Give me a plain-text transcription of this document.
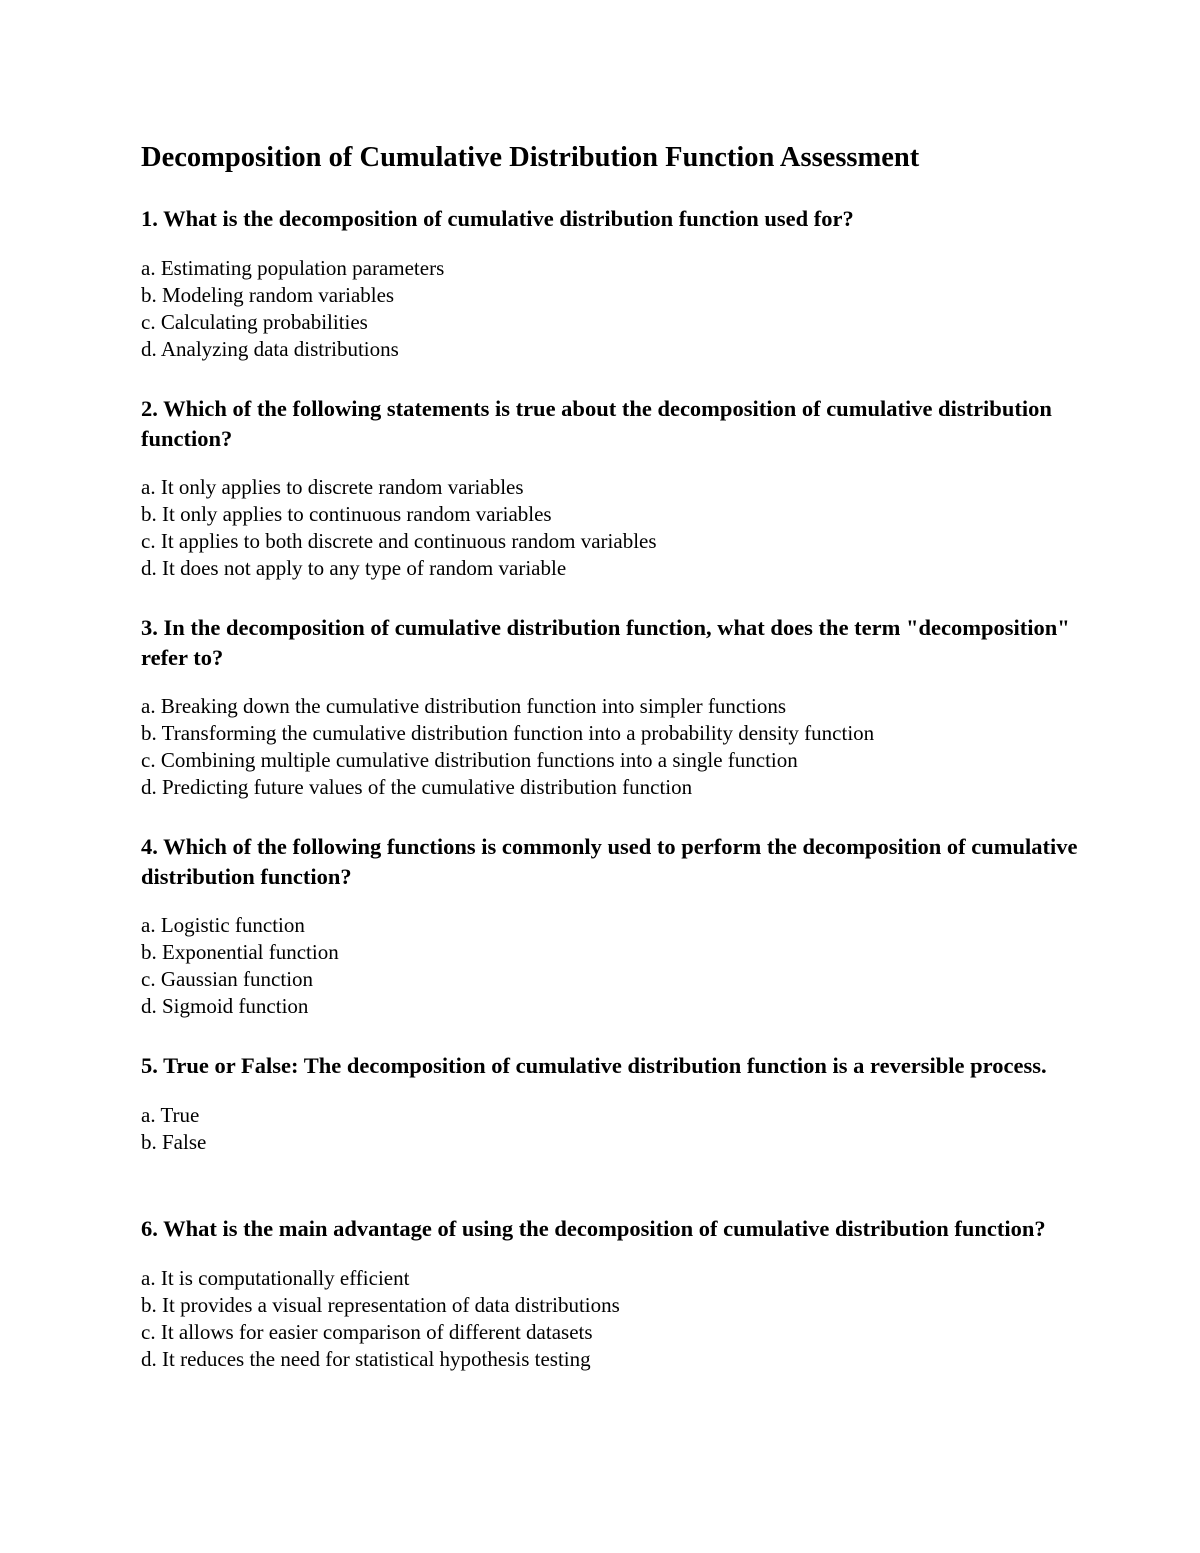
Decomposition of Cumulative Distribution Function Assessment

1. What is the decomposition of cumulative distribution function used for?

a. Estimating population parameters
b. Modeling random variables
c. Calculating probabilities
d. Analyzing data distributions

2. Which of the following statements is true about the decomposition of cumulative distribution function?

a. It only applies to discrete random variables
b. It only applies to continuous random variables
c. It applies to both discrete and continuous random variables
d. It does not apply to any type of random variable

3. In the decomposition of cumulative distribution function, what does the term "decomposition" refer to?

a. Breaking down the cumulative distribution function into simpler functions
b. Transforming the cumulative distribution function into a probability density function
c. Combining multiple cumulative distribution functions into a single function
d. Predicting future values of the cumulative distribution function

4. Which of the following functions is commonly used to perform the decomposition of cumulative distribution function?

a. Logistic function
b. Exponential function
c. Gaussian function
d. Sigmoid function

5. True or False: The decomposition of cumulative distribution function is a reversible process.

a. True
b. False

6. What is the main advantage of using the decomposition of cumulative distribution function?

a. It is computationally efficient
b. It provides a visual representation of data distributions
c. It allows for easier comparison of different datasets
d. It reduces the need for statistical hypothesis testing
